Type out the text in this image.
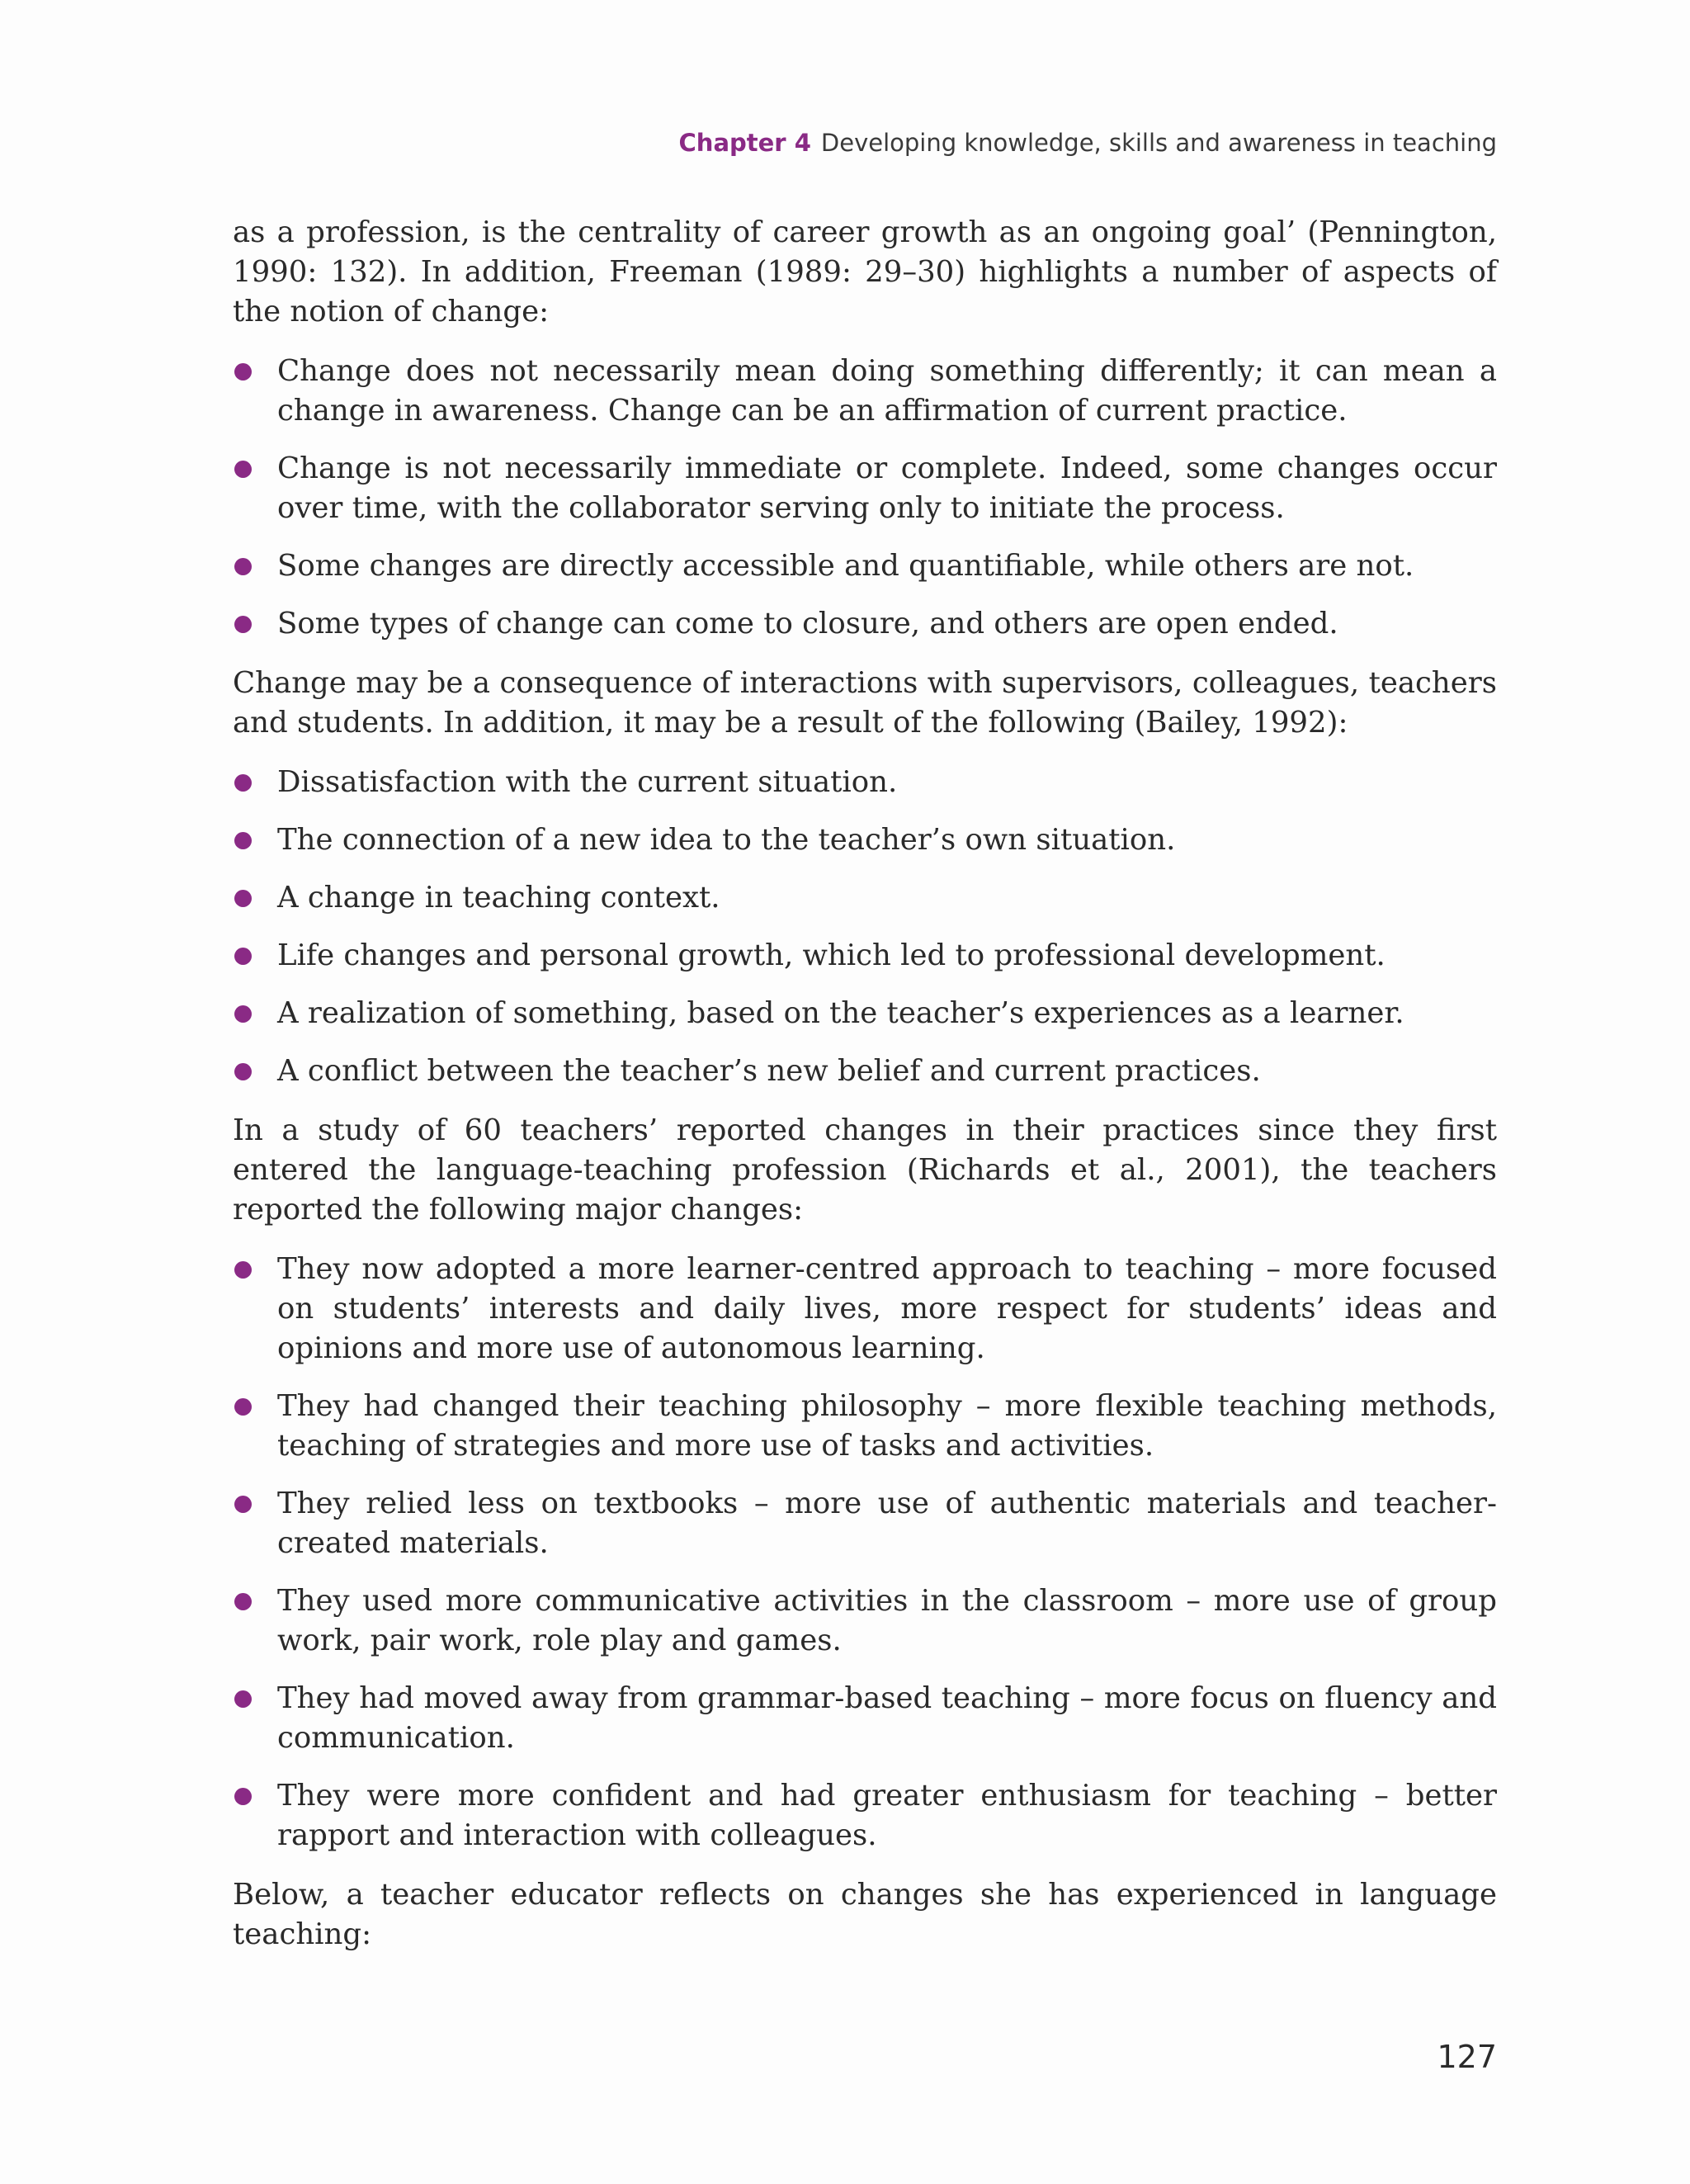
Chapter 4 Developing knowledge, skills and awareness in teaching

as a profession, is the centrality of career growth as an ongoing goal’ (Pennington, 1990: 132). In addition, Freeman (1989: 29–30) highlights a number of aspects of the notion of change:

Change does not necessarily mean doing something differently; it can mean a change in awareness. Change can be an affirmation of current practice.
Change is not necessarily immediate or complete. Indeed, some changes occur over time, with the collaborator serving only to initiate the process.
Some changes are directly accessible and quantifiable, while others are not.
Some types of change can come to closure, and others are open ended.

Change may be a consequence of interactions with supervisors, colleagues, teachers and students. In addition, it may be a result of the following (Bailey, 1992):

Dissatisfaction with the current situation.
The connection of a new idea to the teacher’s own situation.
A change in teaching context.
Life changes and personal growth, which led to professional development.
A realization of something, based on the teacher’s experiences as a learner.
A conflict between the teacher’s new belief and current practices.

In a study of 60 teachers’ reported changes in their practices since they first entered the language-teaching profession (Richards et al., 2001), the teachers reported the following major changes:

They now adopted a more learner-centred approach to teaching – more focused on students’ interests and daily lives, more respect for students’ ideas and opinions and more use of autonomous learning.
They had changed their teaching philosophy – more flexible teaching methods, teaching of strategies and more use of tasks and activities.
They relied less on textbooks – more use of authentic materials and teacher-created materials.
They used more communicative activities in the classroom – more use of group work, pair work, role play and games.
They had moved away from grammar-based teaching – more focus on fluency and communication.
They were more confident and had greater enthusiasm for teaching – better rapport and interaction with colleagues.

Below, a teacher educator reflects on changes she has experienced in language teaching:

127
